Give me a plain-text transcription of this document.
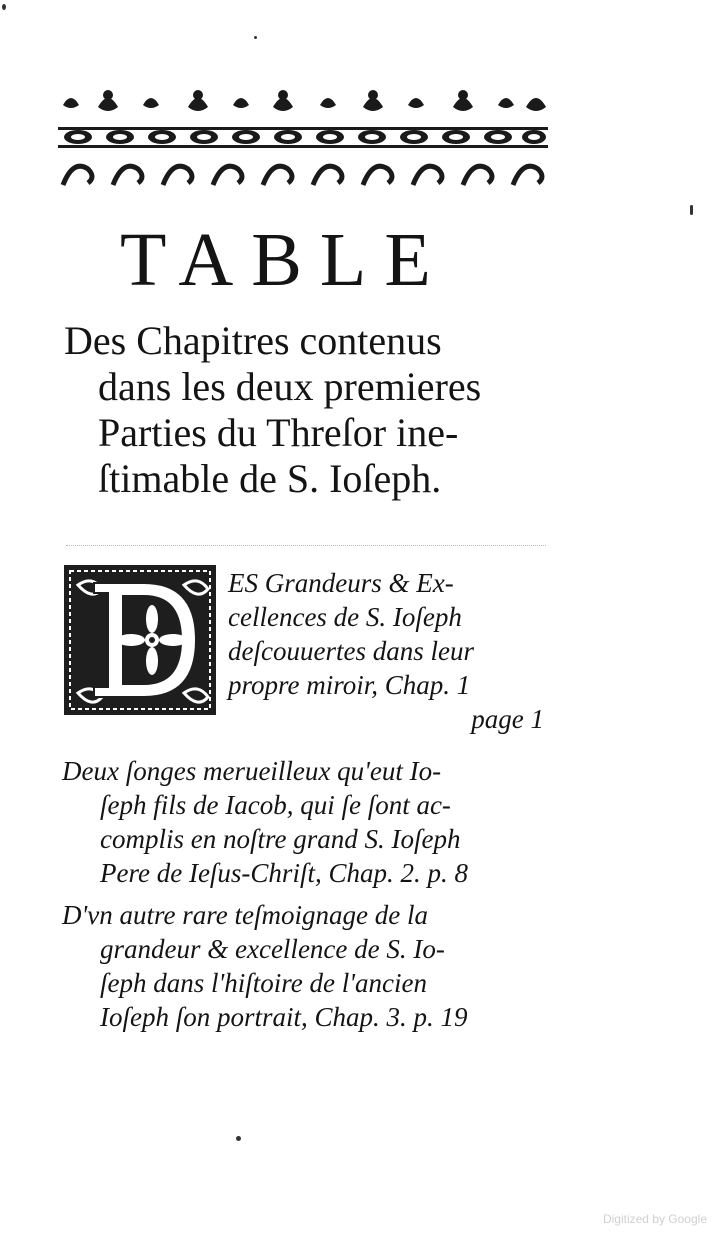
TABLE
Des Chapitres contenus
dans les deux premieres
Parties du Threſor ine-
ſtimable de S. Ioſeph.
ES Grandeurs & Ex-
cellences de S. Ioſeph
deſcouuertes dans leur
propre miroir, Chap. 1
page 1
Deux ſonges merueilleux qu'eut Io-
ſeph fils de Iacob, qui ſe ſont ac-
complis en noſtre grand S. Ioſeph
Pere de Ieſus-Chriſt, Chap. 2. p. 8
D'vn autre rare teſmoignage de la
grandeur & excellence de S. Io-
ſeph dans l'hiſtoire de l'ancien
Ioſeph ſon portrait, Chap. 3. p. 19
Digitized by Google
